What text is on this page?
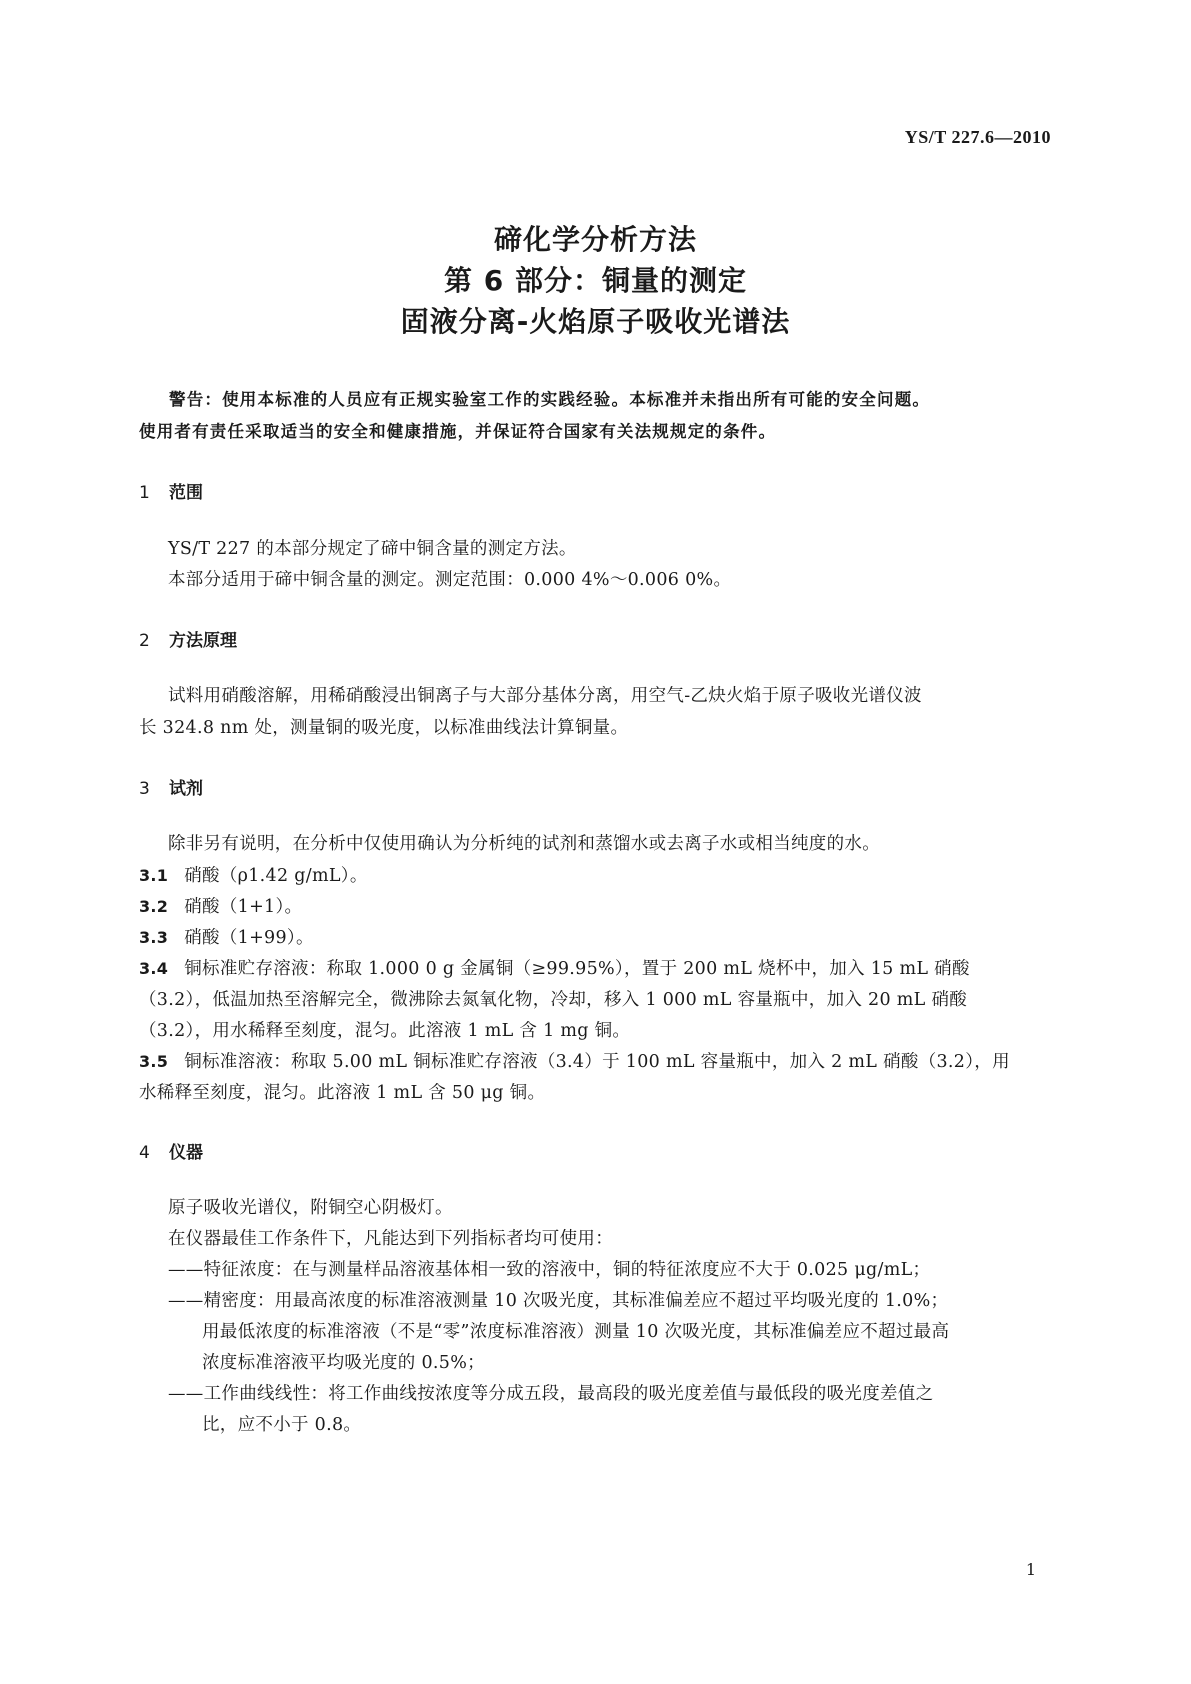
YS/T 227.6—2010
碲化学分析方法
第 6 部分：铜量的测定
固液分离-火焰原子吸收光谱法
警告：使用本标准的人员应有正规实验室工作的实践经验。本标准并未指出所有可能的安全问题。
使用者有责任采取适当的安全和健康措施，并保证符合国家有关法规规定的条件。
1 范围
YS/T 227 的本部分规定了碲中铜含量的测定方法。
本部分适用于碲中铜含量的测定。测定范围：0.000 4%～0.006 0%。
2 方法原理
试料用硝酸溶解，用稀硝酸浸出铜离子与大部分基体分离，用空气-乙炔火焰于原子吸收光谱仪波
长 324.8 nm 处，测量铜的吸光度，以标准曲线法计算铜量。
3 试剂
除非另有说明，在分析中仅使用确认为分析纯的试剂和蒸馏水或去离子水或相当纯度的水。
3.1 硝酸（ρ1.42 g/mL）。
3.2 硝酸（1+1）。
3.3 硝酸（1+99）。
3.4 铜标准贮存溶液：称取 1.000 0 g 金属铜（≥99.95%），置于 200 mL 烧杯中，加入 15 mL 硝酸
（3.2），低温加热至溶解完全，微沸除去氮氧化物，冷却，移入 1 000 mL 容量瓶中，加入 20 mL 硝酸
（3.2），用水稀释至刻度，混匀。此溶液 1 mL 含 1 mg 铜。
3.5 铜标准溶液：称取 5.00 mL 铜标准贮存溶液（3.4）于 100 mL 容量瓶中，加入 2 mL 硝酸（3.2），用
水稀释至刻度，混匀。此溶液 1 mL 含 50 μg 铜。
4 仪器
原子吸收光谱仪，附铜空心阴极灯。
在仪器最佳工作条件下，凡能达到下列指标者均可使用：
——特征浓度：在与测量样品溶液基体相一致的溶液中，铜的特征浓度应不大于 0.025 μg/mL；
——精密度：用最高浓度的标准溶液测量 10 次吸光度，其标准偏差应不超过平均吸光度的 1.0%；
用最低浓度的标准溶液（不是“零”浓度标准溶液）测量 10 次吸光度，其标准偏差应不超过最高
浓度标准溶液平均吸光度的 0.5%；
——工作曲线线性：将工作曲线按浓度等分成五段，最高段的吸光度差值与最低段的吸光度差值之
比，应不小于 0.8。
1
